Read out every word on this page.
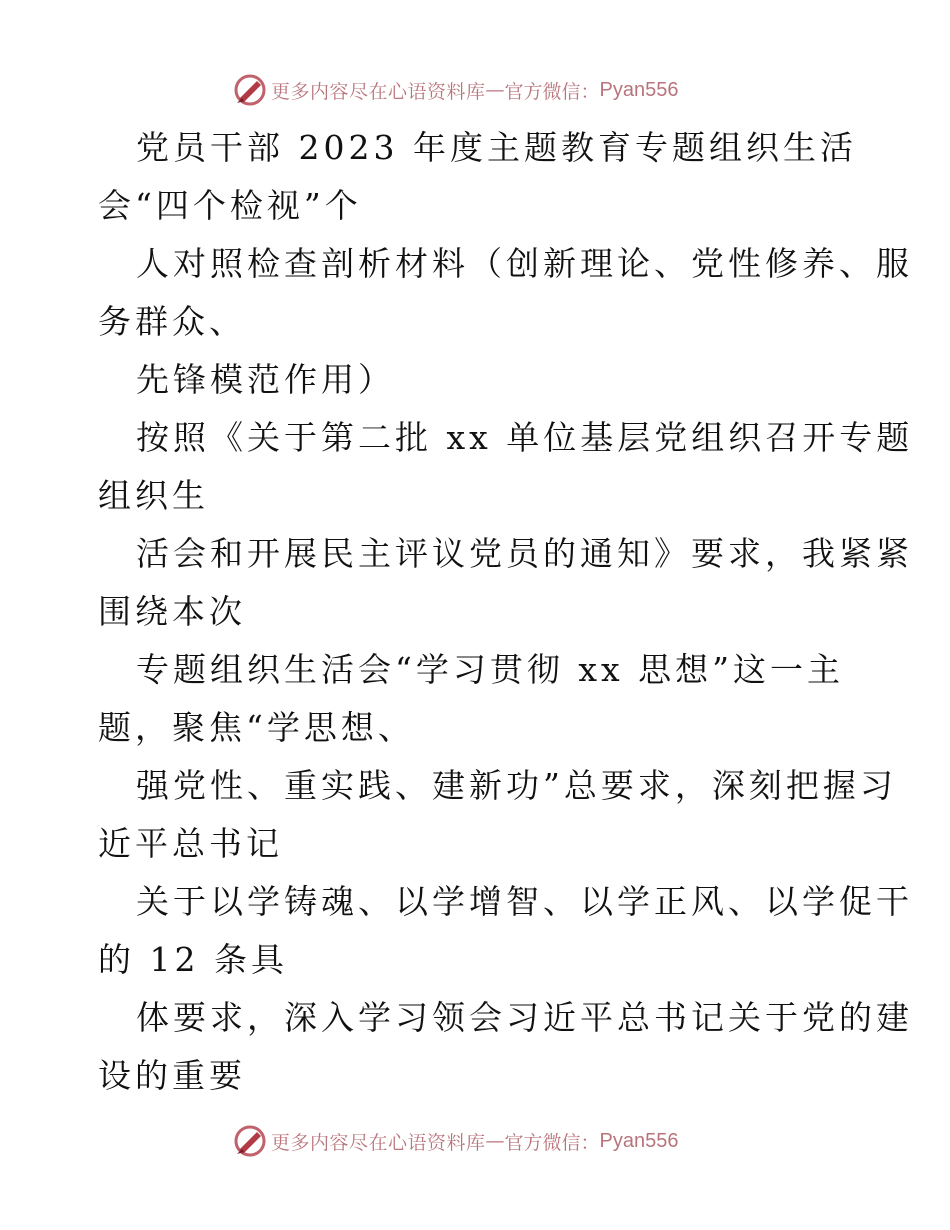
更多内容尽在心语资料库 — 官方微信： Pyan556
党员干部 2023 年度主题教育专题组织生活
会“四个检视”个
人对照检查剖析材料（创新理论、党性修养、服
务群众、
先锋模范作用）
按照《关于第二批 xx 单位基层党组织召开专题
组织生
活会和开展民主评议党员的通知》要求，我紧紧
围绕本次
专题组织生活会“学习贯彻 xx 思想”这一主
题，聚焦“学思想、
强党性、重实践、建新功”总要求，深刻把握习
近平总书记
关于以学铸魂、以学增智、以学正风、以学促干
的 12 条具
体要求，深入学习领会习近平总书记关于党的建
设的重要
更多内容尽在心语资料库 — 官方微信： Pyan556
